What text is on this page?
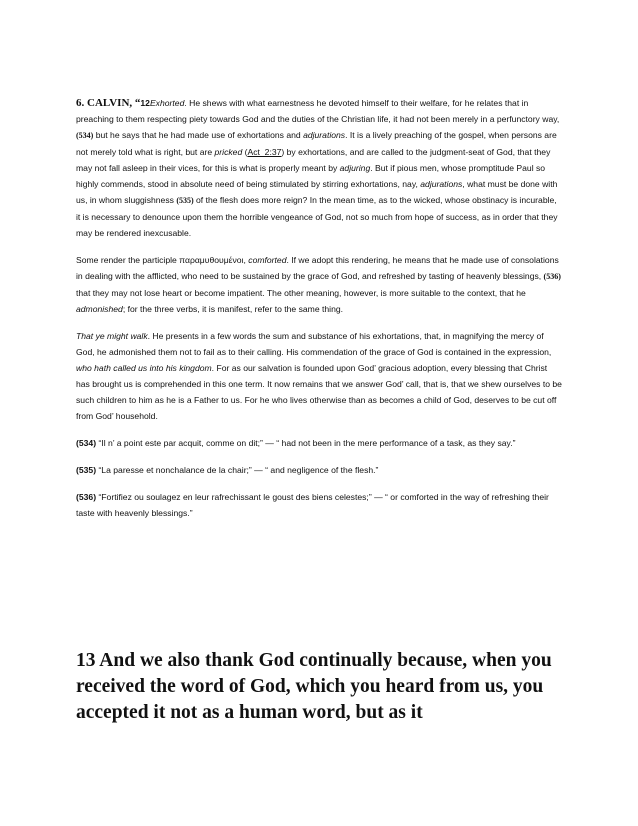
6. CALVIN, “12Exhorted. He shews with what earnestness he devoted himself to their welfare, for he relates that in preaching to them respecting piety towards God and the duties of the Christian life, it had not been merely in a perfunctory way, (534) but he says that he had made use of exhortations and adjurations. It is a lively preaching of the gospel, when persons are not merely told what is right, but are pricked (Act_2:37) by exhortations, and are called to the judgment-seat of God, that they may not fall asleep in their vices, for this is what is properly meant by adjuring. But if pious men, whose promptitude Paul so highly commends, stood in absolute need of being stimulated by stirring exhortations, nay, adjurations, what must be done with us, in whom sluggishness (535) of the flesh does more reign? In the mean time, as to the wicked, whose obstinacy is incurable, it is necessary to denounce upon them the horrible vengeance of God, not so much from hope of success, as in order that they may be rendered inexcusable.

Some render the participle παραμυθουμένοι, comforted. If we adopt this rendering, he means that he made use of consolations in dealing with the afflicted, who need to be sustained by the grace of God, and refreshed by tasting of heavenly blessings, (536) that they may not lose heart or become impatient. The other meaning, however, is more suitable to the context, that he admonished; for the three verbs, it is manifest, refer to the same thing.

That ye might walk. He presents in a few words the sum and substance of his exhortations, that, in magnifying the mercy of God, he admonished them not to fail as to their calling. His commendation of the grace of God is contained in the expression, who hath called us into his kingdom. For as our salvation is founded upon God’ gracious adoption, every blessing that Christ has brought us is comprehended in this one term. It now remains that we answer God’ call, that is, that we shew ourselves to be such children to him as he is a Father to us. For he who lives otherwise than as becomes a child of God, deserves to be cut off from God’ household.

(534) “Il n’ a point este par acquit, comme on dit;” — “ had not been in the mere performance of a task, as they say.”

(535) “La paresse et nonchalance de la chair;” — “ and negligence of the flesh.”

(536) “Fortifiez ou soulagez en leur rafrechissant le goust des biens celestes;” — “ or comforted in the way of refreshing their taste with heavenly blessings.”

13 And we also thank God continually because, when you received the word of God, which you heard from us, you accepted it not as a human word, but as it
